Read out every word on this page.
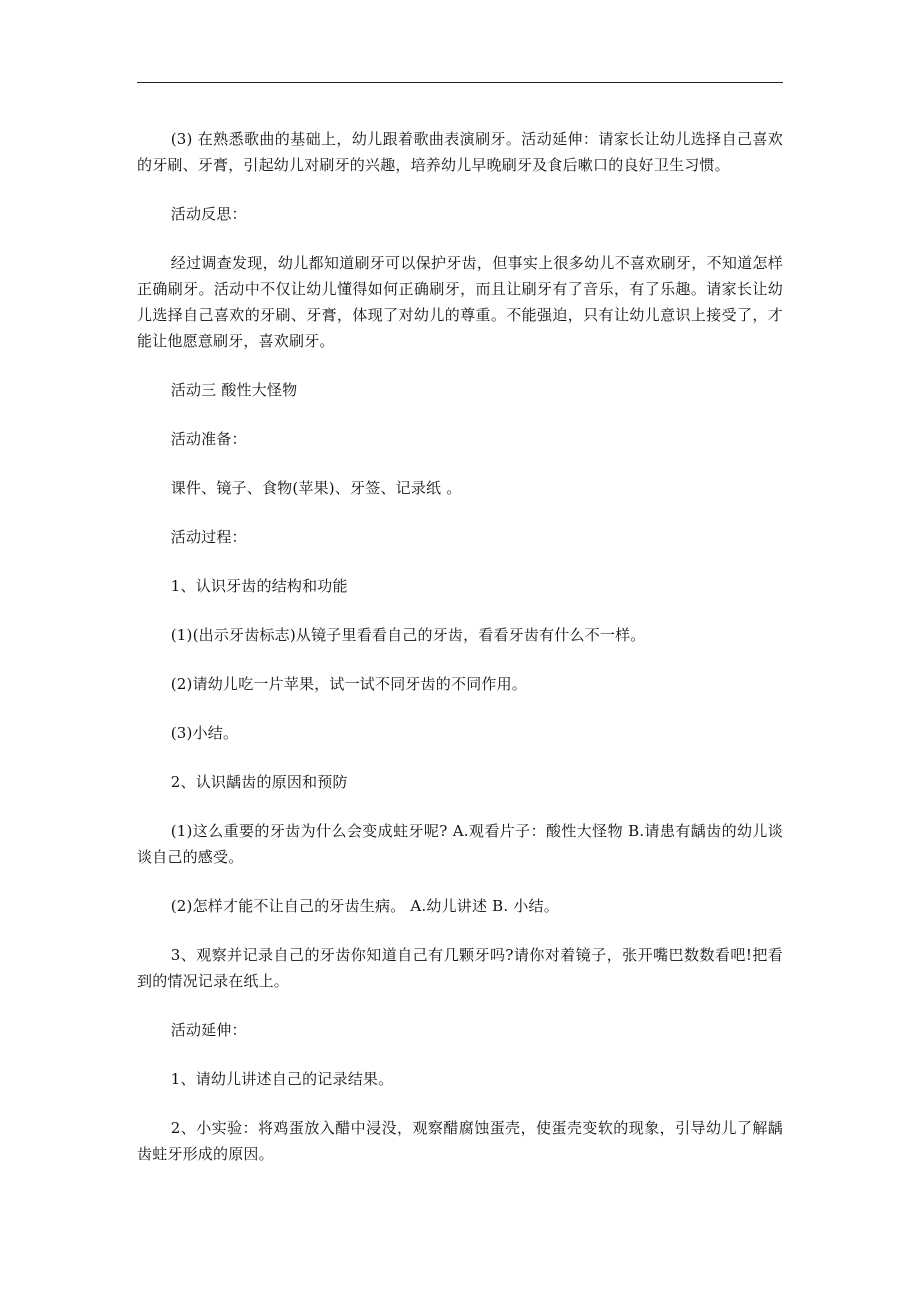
(3) 在熟悉歌曲的基础上，幼儿跟着歌曲表演刷牙。活动延伸：请家长让幼儿选择自己喜欢的牙刷、牙膏，引起幼儿对刷牙的兴趣，培养幼儿早晚刷牙及食后嗽口的良好卫生习惯。

活动反思：

经过调查发现，幼儿都知道刷牙可以保护牙齿，但事实上很多幼儿不喜欢刷牙，不知道怎样正确刷牙。活动中不仅让幼儿懂得如何正确刷牙，而且让刷牙有了音乐，有了乐趣。请家长让幼儿选择自己喜欢的牙刷、牙膏，体现了对幼儿的尊重。不能强迫，只有让幼儿意识上接受了，才能让他愿意刷牙，喜欢刷牙。

活动三 酸性大怪物

活动准备：

课件、镜子、食物(苹果)、牙签、记录纸 。

活动过程：

1、认识牙齿的结构和功能

(1)(出示牙齿标志)从镜子里看看自己的牙齿，看看牙齿有什么不一样。

(2)请幼儿吃一片苹果，试一试不同牙齿的不同作用。

(3)小结。

2、认识龋齿的原因和预防

(1)这么重要的牙齿为什么会变成蛀牙呢? A.观看片子：酸性大怪物 B.请患有龋齿的幼儿谈谈自己的感受。

(2)怎样才能不让自己的牙齿生病。 A.幼儿讲述 B. 小结。

3、观察并记录自己的牙齿你知道自己有几颗牙吗?请你对着镜子，张开嘴巴数数看吧!把看到的情况记录在纸上。

活动延伸：

1、请幼儿讲述自己的记录结果。

2、小实验：将鸡蛋放入醋中浸没，观察醋腐蚀蛋壳，使蛋壳变软的现象，引导幼儿了解龋齿蛀牙形成的原因。
